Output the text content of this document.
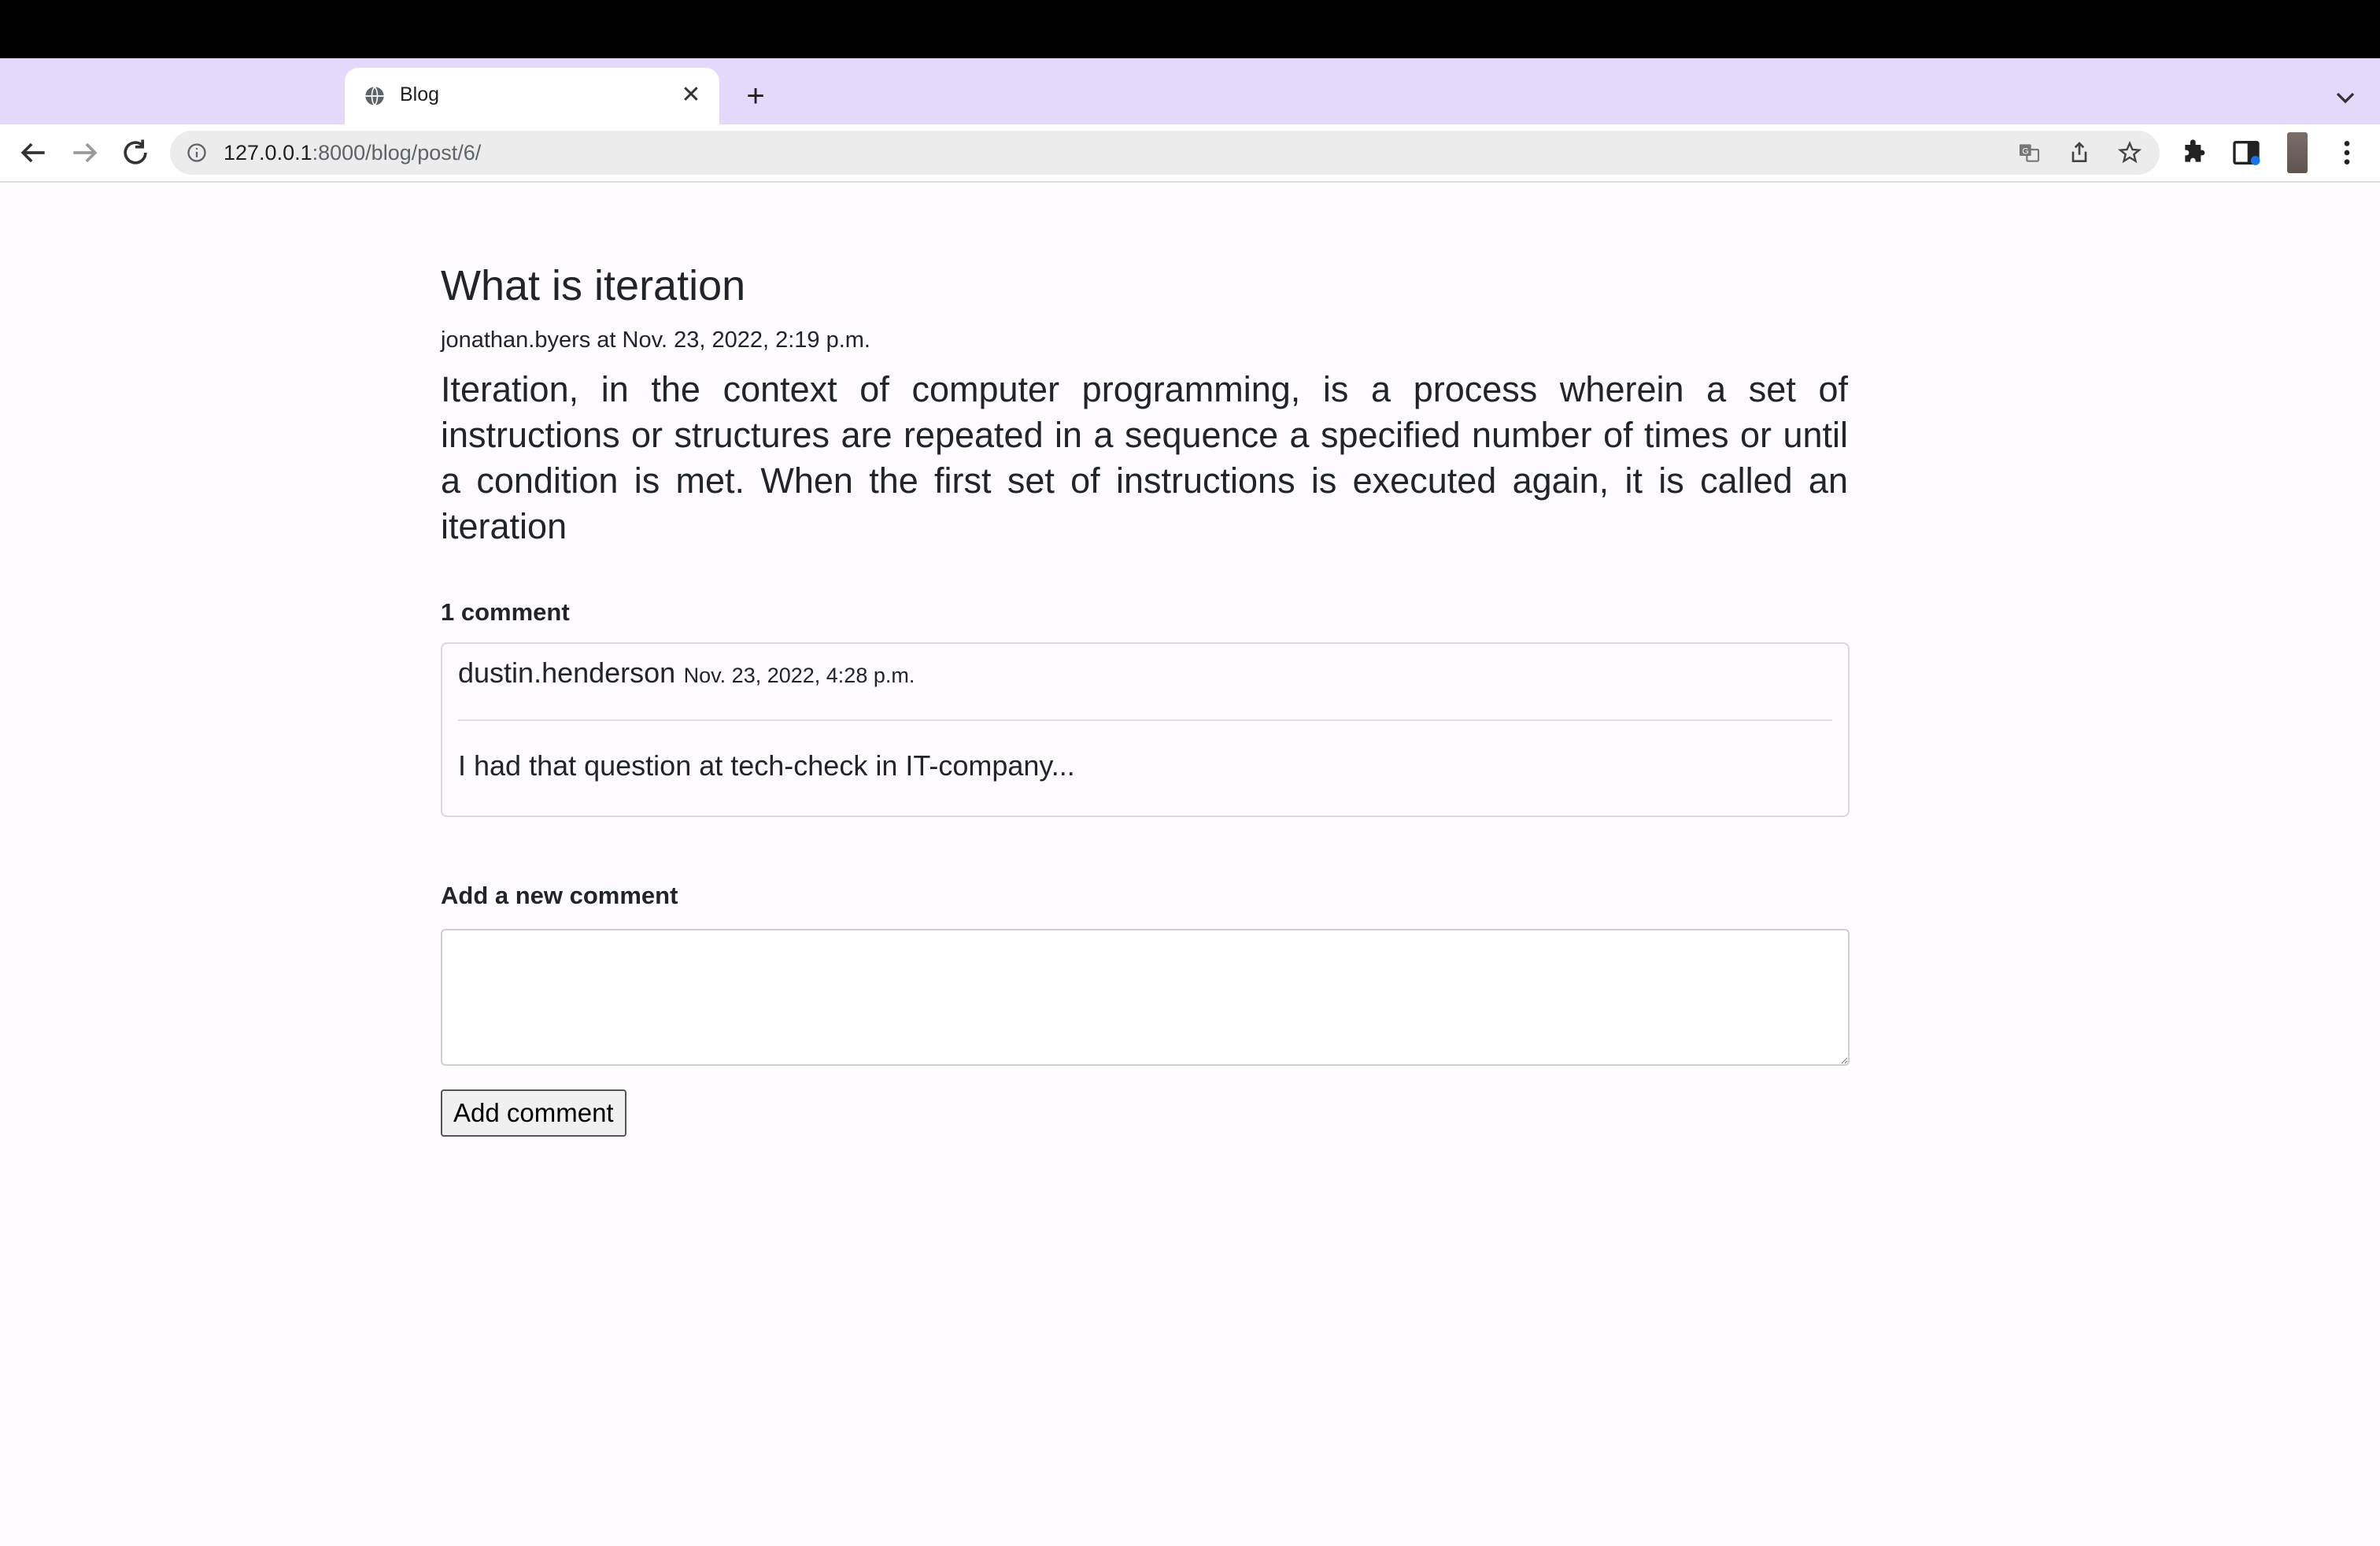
Blog	✕ +
127.0.0.1:8000/blog/post/6/	G
What is iteration
jonathan.byers at Nov. 23, 2022, 2:19 p.m.

Iteration, in the context of computer programming, is a process wherein a set of instructions or structures are repeated in a sequence a specified number of times or until a condition is met. When the first set of instructions is executed again, it is called an iteration

1 comment
dustin.henderson Nov. 23, 2022, 4:28 p.m.
I had that question at tech-check in IT-company...
Add a new comment
Add comment
